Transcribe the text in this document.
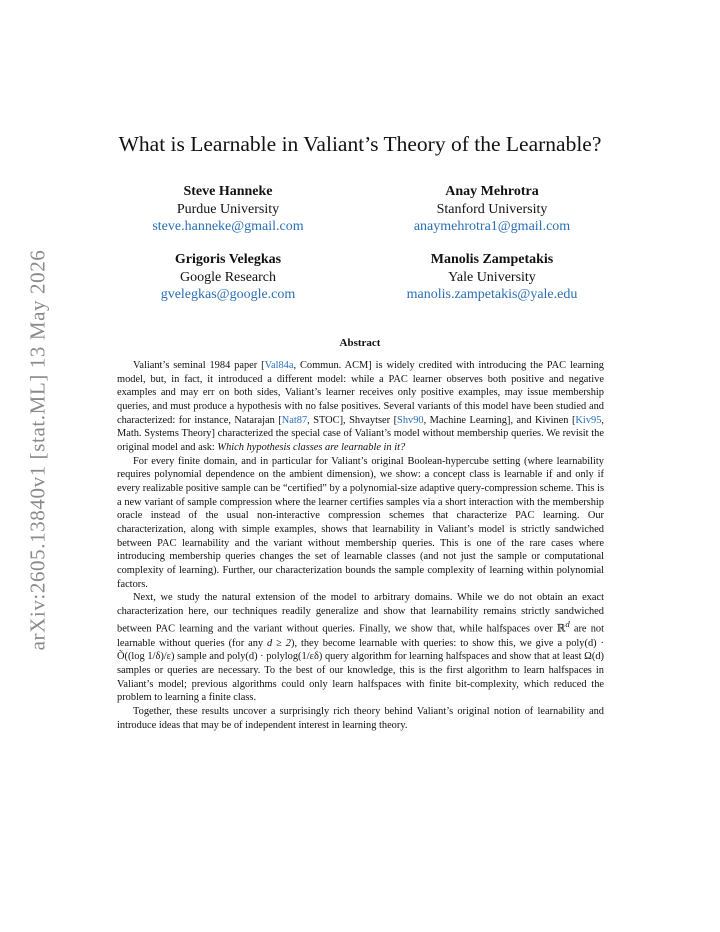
arXiv:2605.13840v1 [stat.ML] 13 May 2026
What is Learnable in Valiant’s Theory of the Learnable?
Steve Hanneke
Purdue University
steve.hanneke@gmail.com
Anay Mehrotra
Stanford University
anaymehrotra1@gmail.com
Grigoris Velegkas
Google Research
gvelegkas@google.com
Manolis Zampetakis
Yale University
manolis.zampetakis@yale.edu
Abstract

Valiant’s seminal 1984 paper [Val84a, Commun. ACM] is widely credited with introducing the PAC learning model, but, in fact, it introduced a different model: while a PAC learner observes both positive and negative examples and may err on both sides, Valiant’s learner receives only positive examples, may issue membership queries, and must produce a hypothesis with no false positives. Several variants of this model have been studied and characterized: for instance, Natarajan [Nat87, STOC], Shvaytser [Shv90, Machine Learning], and Kivinen [Kiv95, Math. Systems Theory] characterized the special case of Valiant’s model without membership queries. We revisit the original model and ask: Which hypothesis classes are learnable in it?

For every finite domain, and in particular for Valiant’s original Boolean-hypercube setting (where learnability requires polynomial dependence on the ambient dimension), we show: a concept class is learnable if and only if every realizable positive sample can be “certified” by a polynomial-size adaptive query-compression scheme. This is a new variant of sample compression where the learner certifies samples via a short interaction with the membership oracle instead of the usual non-interactive compression schemes that characterize PAC learning. Our characterization, along with simple examples, shows that learnability in Valiant’s model is strictly sandwiched between PAC learnability and the variant without membership queries. This is one of the rare cases where introducing membership queries changes the set of learnable classes (and not just the sample or computational complexity of learning). Further, our characterization bounds the sample complexity of learning within polynomial factors.

Next, we study the natural extension of the model to arbitrary domains. While we do not obtain an exact characterization here, our techniques readily generalize and show that learnability remains strictly sandwiched between PAC learning and the variant without queries. Finally, we show that, while halfspaces over ℝ$^d$ are not learnable without queries (for any d ≥ 2), they become learnable with queries: to show this, we give a poly(d) · Õ((log 1/δ)/ε) sample and poly(d) · polylog(1/εδ) query algorithm for learning halfspaces and show that at least Ω(d) samples or queries are necessary. To the best of our knowledge, this is the first algorithm to learn halfspaces in Valiant’s model; previous algorithms could only learn halfspaces with finite bit-complexity, which reduced the problem to learning a finite class.

Together, these results uncover a surprisingly rich theory behind Valiant’s original notion of learnability and introduce ideas that may be of independent interest in learning theory.
